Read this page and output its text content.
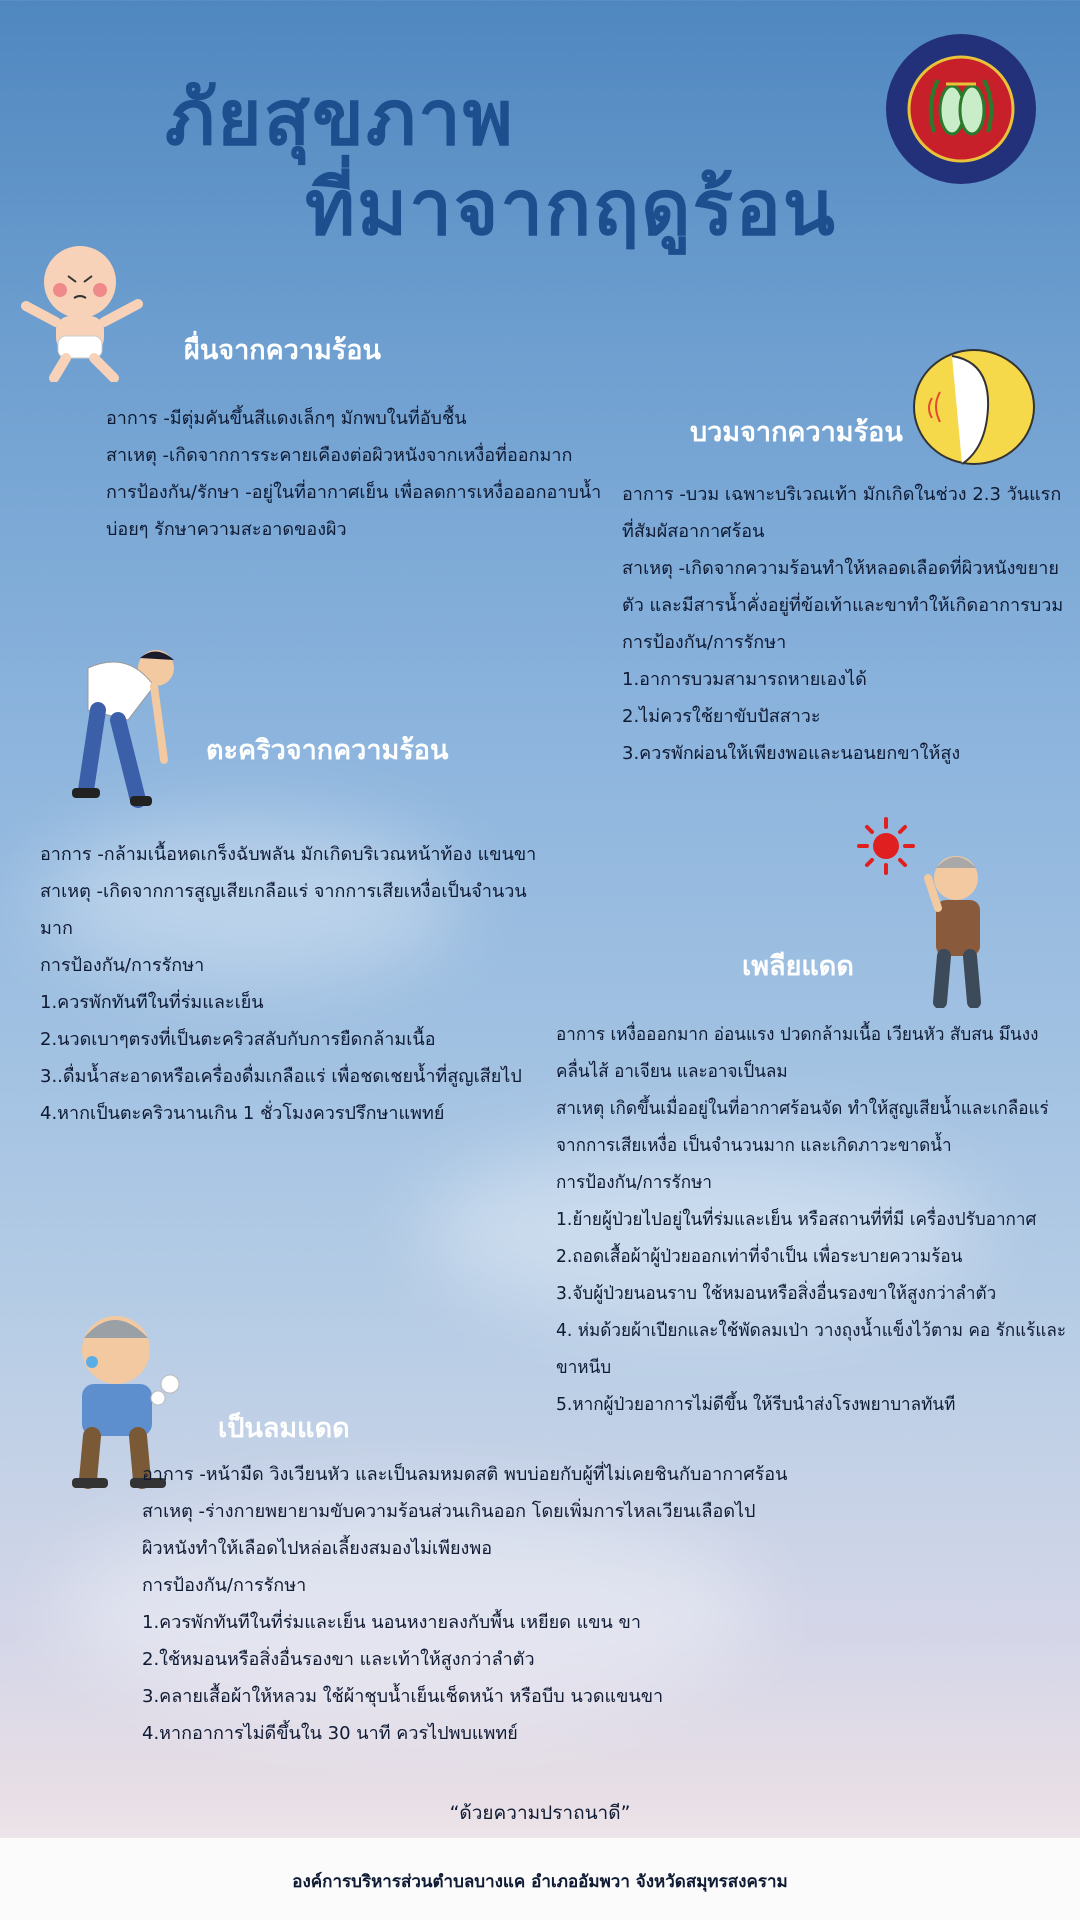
ภัยสุขภาพ
ที่มาจากฤดูร้อน
ผื่นจากความร้อน
อาการ -มีตุ่มคันขึ้นสีแดงเล็กๆ มักพบในที่อับชื้น
สาเหตุ -เกิดจากการระคายเคืองต่อผิวหนังจากเหงื่อที่ออกมาก
การป้องกัน/รักษา -อยู่ในที่อากาศเย็น เพื่อลดการเหงื่อออกอาบน้ำ
บ่อยๆ รักษาความสะอาดของผิว
บวมจากความร้อน
อาการ -บวม เฉพาะบริเวณเท้า มักเกิดในช่วง 2.3 วันแรก
ที่สัมผัสอากาศร้อน
สาเหตุ -เกิดจากความร้อนทำให้หลอดเลือดที่ผิวหนังขยาย
ตัว และมีสารน้ำคั่งอยู่ที่ข้อเท้าและขาทำให้เกิดอาการบวม
การป้องกัน/การรักษา
1.อาการบวมสามารถหายเองได้
2.ไม่ควรใช้ยาขับปัสสาวะ
3.ควรพักผ่อนให้เพียงพอและนอนยกขาให้สูง
ตะคริวจากความร้อน
อาการ -กล้ามเนื้อหดเกร็งฉับพลัน มักเกิดบริเวณหน้าท้อง แขนขา
สาเหตุ -เกิดจากการสูญเสียเกลือแร่ จากการเสียเหงื่อเป็นจำนวน
มาก
การป้องกัน/การรักษา
1.ควรพักทันทีในที่ร่มและเย็น
2.นวดเบาๆตรงที่เป็นตะคริวสลับกับการยืดกล้ามเนื้อ
3..ดื่มน้ำสะอาดหรือเครื่องดื่มเกลือแร่ เพื่อชดเชยน้ำที่สูญเสียไป
4.หากเป็นตะคริวนานเกิน 1 ชั่วโมงควรปรึกษาแพทย์
เพลียแดด
อาการ เหงื่อออกมาก อ่อนแรง ปวดกล้ามเนื้อ เวียนหัว สับสน มึนงง
คลื่นไส้ อาเจียน และอาจเป็นลม
สาเหตุ เกิดขึ้นเมื่ออยู่ในที่อากาศร้อนจัด ทำให้สูญเสียน้ำและเกลือแร่
จากการเสียเหงื่อ เป็นจำนวนมาก และเกิดภาวะขาดน้ำ
การป้องกัน/การรักษา
1.ย้ายผู้ป่วยไปอยู่ในที่ร่มและเย็น หรือสถานที่ที่มี เครื่องปรับอากาศ
2.ถอดเสื้อผ้าผู้ป่วยออกเท่าที่จำเป็น เพื่อระบายความร้อน
3.จับผู้ป่วยนอนราบ ใช้หมอนหรือสิ่งอื่นรองขาให้สูงกว่าลำตัว
4. ห่มด้วยผ้าเปียกและใช้พัดลมเป่า วางถุงน้ำแข็งไว้ตาม คอ รักแร้และ
ขาหนีบ
5.หากผู้ป่วยอาการไม่ดีขึ้น ให้รีบนำส่งโรงพยาบาลทันที
เป็นลมแดด
อาการ -หน้ามืด วิงเวียนหัว และเป็นลมหมดสติ พบบ่อยกับผู้ที่ไม่เคยชินกับอากาศร้อน
สาเหตุ -ร่างกายพยายามขับความร้อนส่วนเกินออก โดยเพิ่มการไหลเวียนเลือดไป
ผิวหนังทำให้เลือดไปหล่อเลี้ยงสมองไม่เพียงพอ
การป้องกัน/การรักษา
1.ควรพักทันทีในที่ร่มและเย็น นอนหงายลงกับพื้น เหยียด แขน ขา
2.ใช้หมอนหรือสิ่งอื่นรองขา และเท้าให้สูงกว่าลำตัว
3.คลายเสื้อผ้าให้หลวม ใช้ผ้าชุบน้ำเย็นเช็ดหน้า หรือบีบ นวดแขนขา
4.หากอาการไม่ดีขึ้นใน 30 นาที ควรไปพบแพทย์
“ด้วยความปราถนาดี”
องค์การบริหารส่วนตำบลบางแค อำเภออัมพวา จังหวัดสมุทรสงคราม
